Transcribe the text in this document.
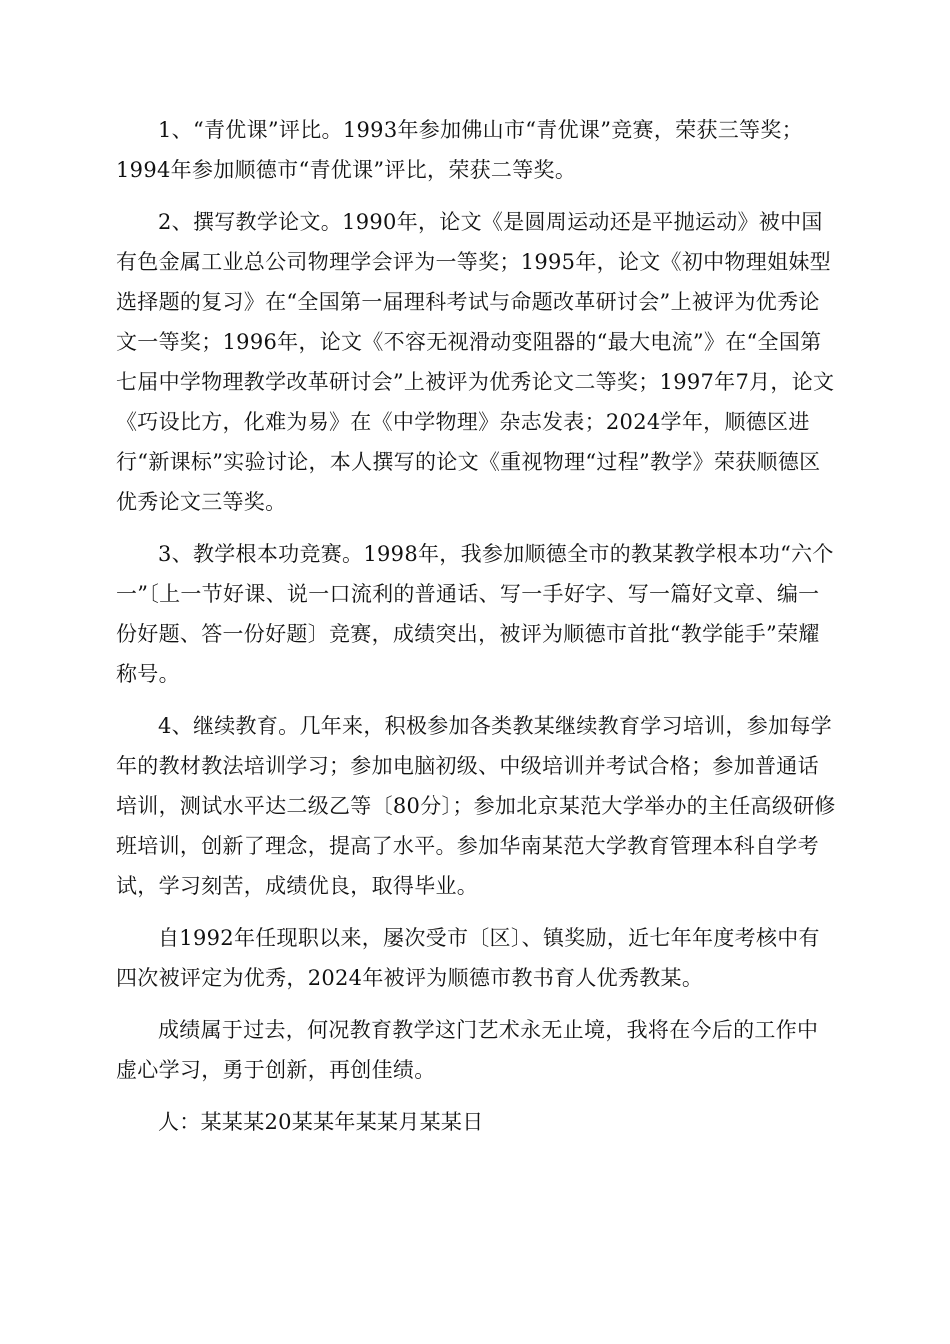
1、“青优课”评比。1993年参加佛山市“青优课”竞赛，荣获三等奖；1994年参加顺德市“青优课”评比，荣获二等奖。

2、撰写教学论文。1990年，论文《是圆周运动还是平抛运动》被中国有色金属工业总公司物理学会评为一等奖；1995年，论文《初中物理姐妹型选择题的复习》在“全国第一届理科考试与命题改革研讨会”上被评为优秀论文一等奖；1996年，论文《不容无视滑动变阻器的“最大电流”》在“全国第七届中学物理教学改革研讨会”上被评为优秀论文二等奖；1997年7月，论文《巧设比方，化难为易》在《中学物理》杂志发表；2024学年，顺德区进行“新课标”实验讨论，本人撰写的论文《重视物理“过程”教学》荣获顺德区优秀论文三等奖。

3、教学根本功竞赛。1998年，我参加顺德全市的教某教学根本功“六个一”〔上一节好课、说一口流利的普通话、写一手好字、写一篇好文章、编一份好题、答一份好题〕竞赛，成绩突出，被评为顺德市首批“教学能手”荣耀称号。

4、继续教育。几年来，积极参加各类教某继续教育学习培训，参加每学年的教材教法培训学习；参加电脑初级、中级培训并考试合格；参加普通话培训，测试水平达二级乙等〔80分〕；参加北京某范大学举办的主任高级研修班培训，创新了理念，提高了水平。参加华南某范大学教育管理本科自学考试，学习刻苦，成绩优良，取得毕业。

自1992年任现职以来，屡次受市〔区〕、镇奖励，近七年年度考核中有四次被评定为优秀，2024年被评为顺德市教书育人优秀教某。

成绩属于过去，何况教育教学这门艺术永无止境，我将在今后的工作中虚心学习，勇于创新，再创佳绩。

人：某某某20某某年某某月某某日
